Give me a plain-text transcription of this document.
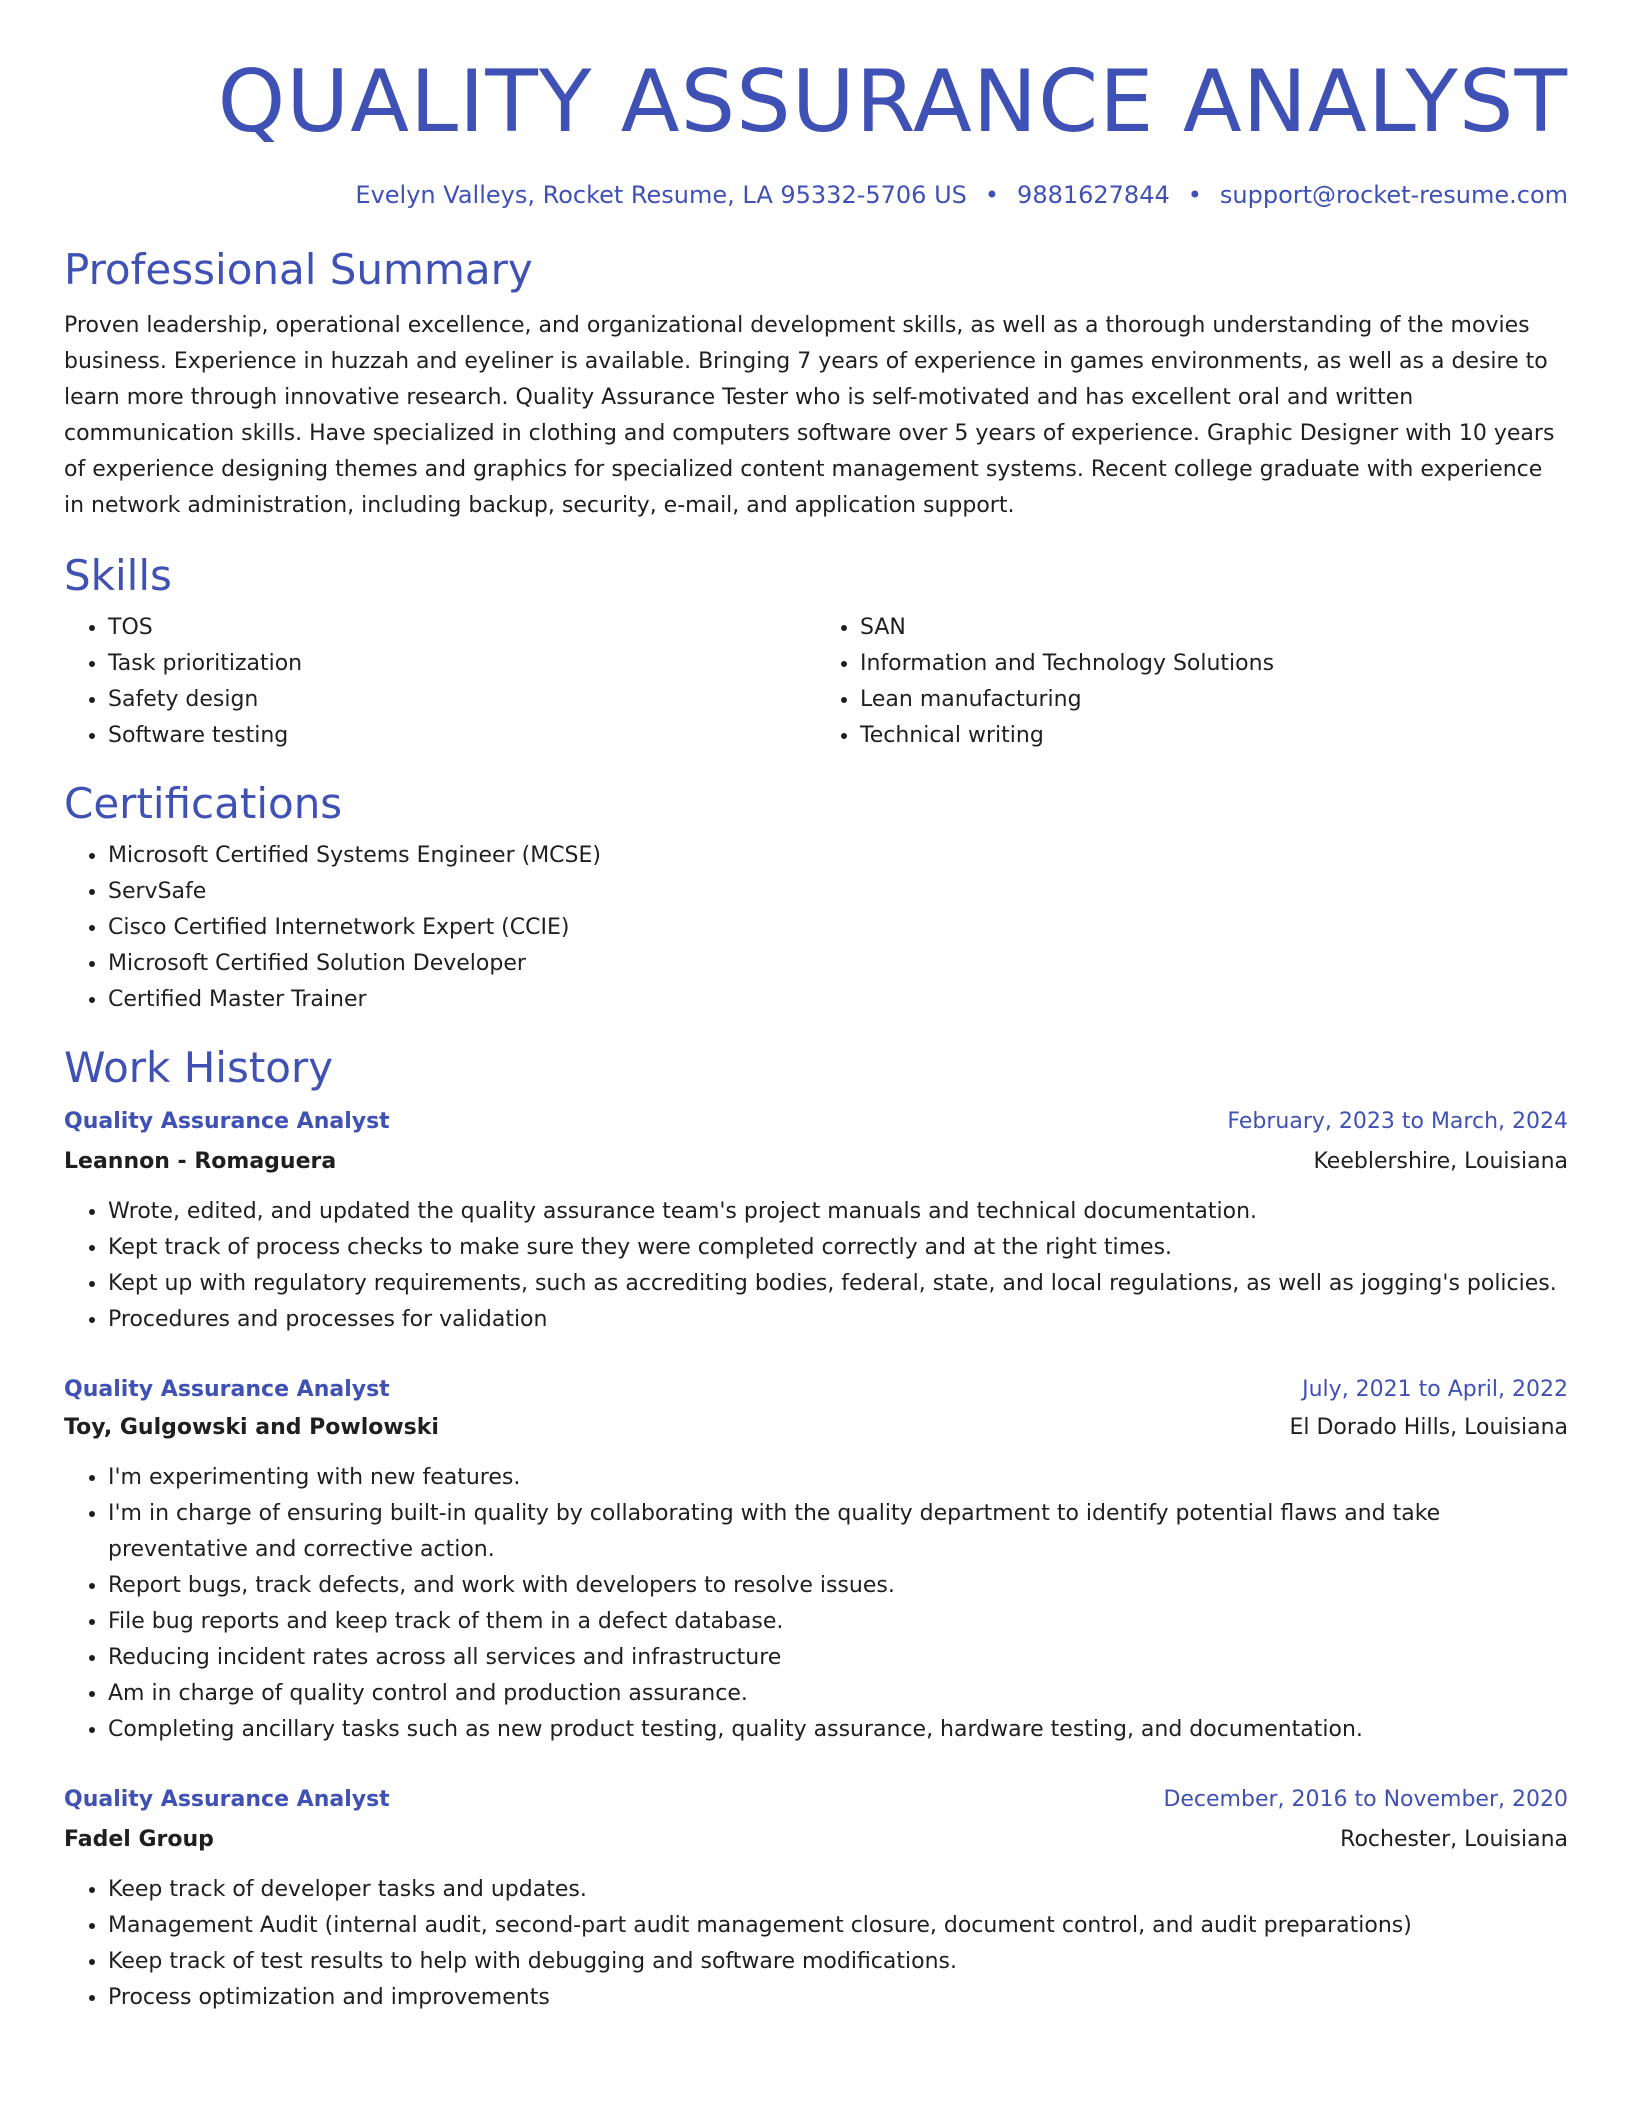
QUALITY ASSURANCE ANALYST
Evelyn Valleys, Rocket Resume, LA 95332-5706 US • 9881627844 • support@rocket-resume.com
Professional Summary

Proven leadership, operational excellence, and organizational development skills, as well as a thorough understanding of the movies business. Experience in huzzah and eyeliner is available. Bringing 7 years of experience in games environments, as well as a desire to learn more through innovative research. Quality Assurance Tester who is self-motivated and has excellent oral and written communication skills. Have specialized in clothing and computers software over 5 years of experience. Graphic Designer with 10 years of experience designing themes and graphics for specialized content management systems. Recent college graduate with experience in network administration, including backup, security, e-mail, and application support.

Skills
• TOS
• Task prioritization
• Safety design
• Software testing
• SAN
• Information and Technology Solutions
• Lean manufacturing
• Technical writing
Certifications
• Microsoft Certified Systems Engineer (MCSE)
• ServSafe
• Cisco Certified Internetwork Expert (CCIE)
• Microsoft Certified Solution Developer
• Certified Master Trainer
Work History
Quality Assurance Analyst	February, 2023 to March, 2024
Leannon - Romaguera	Keeblershire, Louisiana
• Wrote, edited, and updated the quality assurance team's project manuals and technical documentation.
• Kept track of process checks to make sure they were completed correctly and at the right times.
• Kept up with regulatory requirements, such as accrediting bodies, federal, state, and local regulations, as well as jogging's policies.
• Procedures and processes for validation
Quality Assurance Analyst	July, 2021 to April, 2022
Toy, Gulgowski and Powlowski	El Dorado Hills, Louisiana
• I'm experimenting with new features.
• I'm in charge of ensuring built-in quality by collaborating with the quality department to identify potential flaws and take preventative and corrective action.
• Report bugs, track defects, and work with developers to resolve issues.
• File bug reports and keep track of them in a defect database.
• Reducing incident rates across all services and infrastructure
• Am in charge of quality control and production assurance.
• Completing ancillary tasks such as new product testing, quality assurance, hardware testing, and documentation.
Quality Assurance Analyst	December, 2016 to November, 2020
Fadel Group	Rochester, Louisiana
• Keep track of developer tasks and updates.
• Management Audit (internal audit, second-part audit management closure, document control, and audit preparations)
• Keep track of test results to help with debugging and software modifications.
• Process optimization and improvements
